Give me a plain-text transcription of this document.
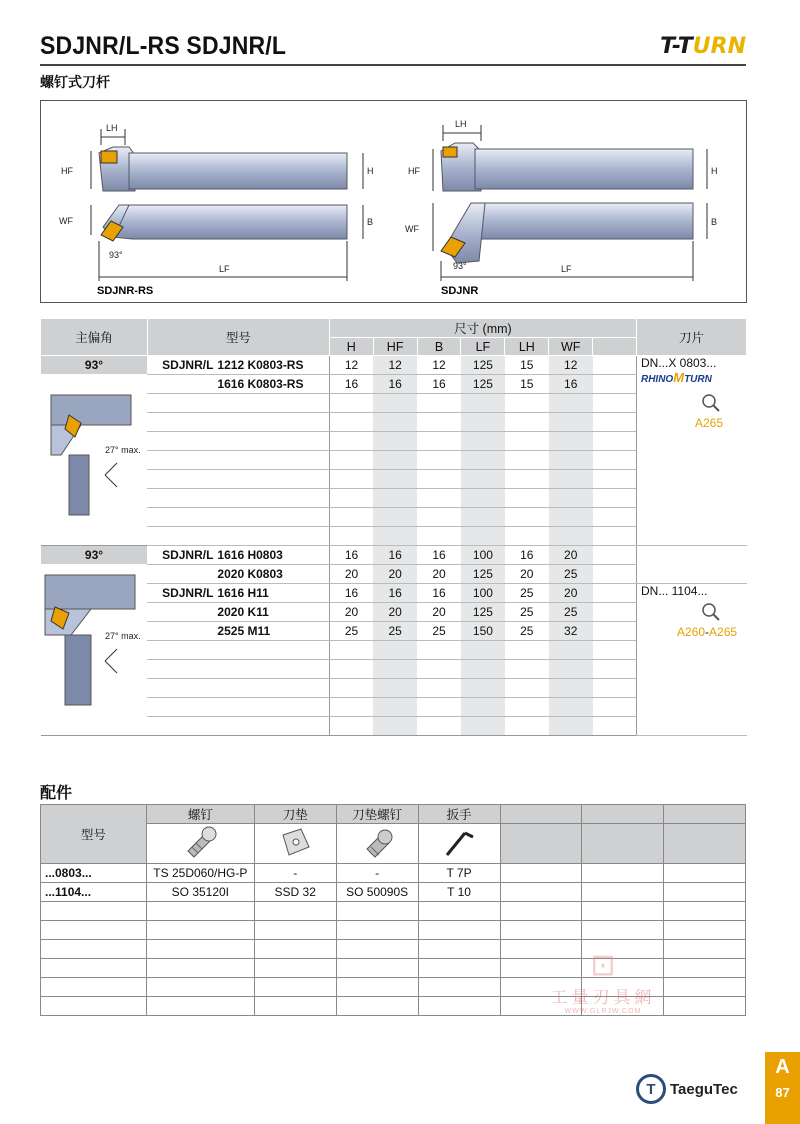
SDJNR/L-RS SDJNR/L	T-TURN
螺钉式刀杆
LH
HF	H
WF	B
93°
LF
SDJNR-RS
LH
HF	H
WF
B
93°	LF
SDJNR
主偏角	型号		尺寸 (mm)							刀片
			H	HF	B	LF	LH	WF		
93°	SDJNR/L	1212 K0803-RS	12	12	12	125	15	12		DN...X 0803...
RHINOMTURN
A265

27° max.		1616 K0803-RS	16	16	16	125	15	16		

93°	SDJNR/L	1616 H0803	16	16	16	100	16	20		

27° max.		2020 K0803	20	20	20	125	20	25		
	SDJNR/L	1616 H11	16	16	16	100	25	20		DN... 1104...
A260-A265

		2020 K11	20	20	20	125	25	25		
		2525 M11	25	25	25	150	25	32		

配件
型号	螺钉	刀垫	刀垫螺钉	扳手			

...0803...	TS 25D060/HG-P	-	-	T 7P			
...1104...	SO 35120I	SSD 32	SO 50090S	T 10			

⊡
工量刃具網
WWW.GLRJW.COM
T TaeguTec
A
87
